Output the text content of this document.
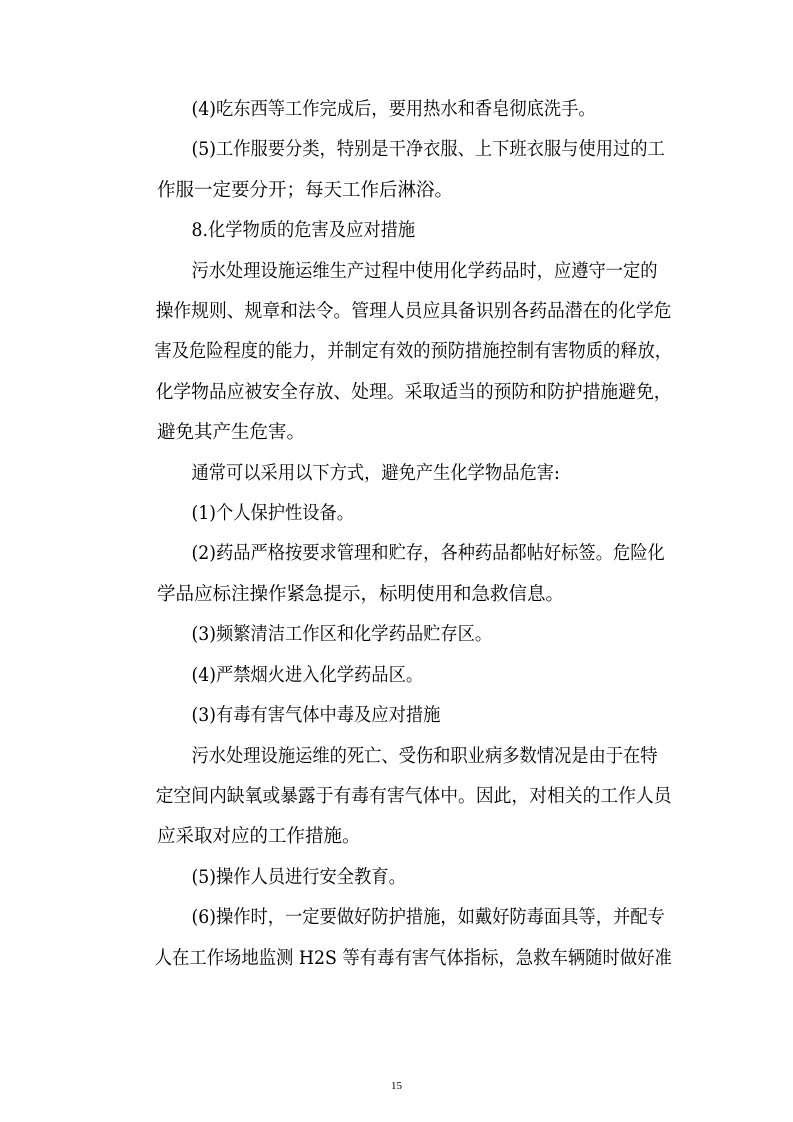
(4)吃东西等工作完成后，要用热水和香皂彻底洗手。

(5)工作服要分类，特别是干净衣服、上下班衣服与使用过的工
作服一定要分开；每天工作后淋浴。

8.化学物质的危害及应对措施

污水处理设施运维生产过程中使用化学药品时，应遵守一定的 操作规则、规章和法令。管理人员应具备识别各药品潜在的化学危 害及危险程度的能力，并制定有效的预防措施控制有害物质的释放， 化学物品应被安全存放、处理。采取适当的预防和防护措施避免，
避免其产生危害。

通常可以采用以下方式，避免产生化学物品危害:

(1)个人保护性设备。

(2)药品严格按要求管理和贮存，各种药品都帖好标签。危险化
学品应标注操作紧急提示，标明使用和急救信息。

(3)频繁清洁工作区和化学药品贮存区。

(4)严禁烟火进入化学药品区。

(3)有毒有害气体中毒及应对措施

污水处理设施运维的死亡、受伤和职业病多数情况是由于在特 定空间内缺氧或暴露于有毒有害气体中。因此，对相关的工作人员
应采取对应的工作措施。

(5)操作人员进行安全教育。

(6)操作时，一定要做好防护措施，如戴好防毒面具等，并配专 人在工作场地监测 H2S 等有毒有害气体指标，急救车辆随时做好准

15
